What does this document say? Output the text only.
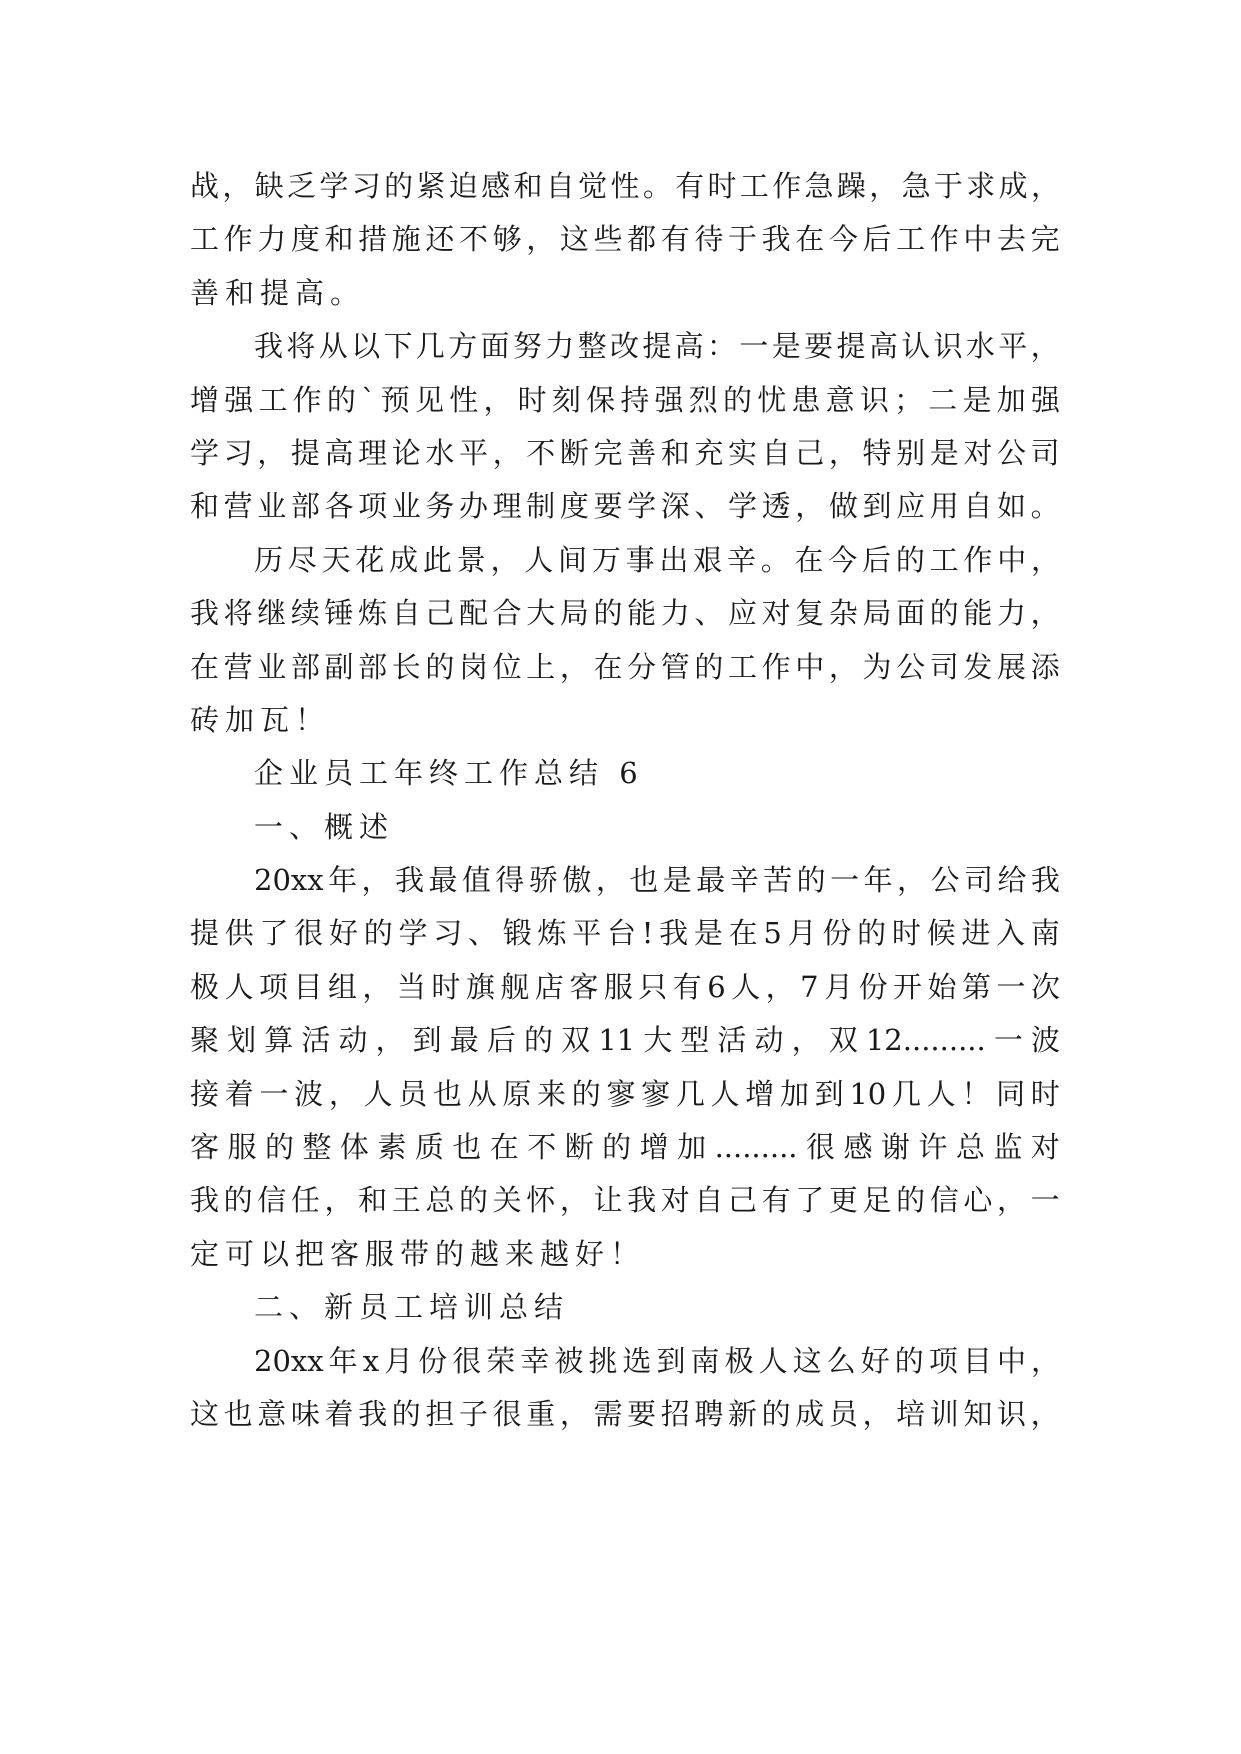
战 ， 缺 乏 学 习 的 紧 迫 感 和 自 觉 性 。 有 时 工 作 急 躁 ， 急 于 求 成 ，
工 作 力 度 和 措 施 还 不 够 ， 这 些 都 有 待 于 我 在 今 后 工 作 中 去 完
善和提高。
我 将 从 以 下 几 方 面 努 力 整 改 提 高 ： 一 是 要 提 高 认 识 水 平 ，
增 强 工 作 的 ` 预 见 性 ， 时 刻 保 持 强 烈 的 忧 患 意 识 ； 二 是 加 强
学 习 ， 提 高 理 论 水 平 ， 不 断 完 善 和 充 实 自 己 ， 特 别 是 对 公 司
和 营 业 部 各 项 业 务 办 理 制 度 要 学 深 、 学 透 ， 做 到 应 用 自 如 。
历 尽 天 花 成 此 景 ， 人 间 万 事 出 艰 辛 。 在 今 后 的 工 作 中 ，
我 将 继 续 锤 炼 自 己 配 合 大 局 的 能 力 、 应 对 复 杂 局 面 的 能 力 ，
在 营 业 部 副 部 长 的 岗 位 上 ， 在 分 管 的 工 作 中 ， 为 公 司 发 展 添
砖加瓦！
企业员工年终工作总结 6
一、概述
20xx 年 ， 我 最 值 得 骄 傲 ， 也 是 最 辛 苦 的 一 年 ， 公 司 给 我
提 供 了 很 好 的 学 习 、 锻 炼 平 台 ! 我 是 在 5 月 份 的 时 候 进 入 南
极 人 项 目 组 ， 当 时 旗 舰 店 客 服 只 有 6 人 ， 7 月 份 开 始 第 一 次
聚 划 算 活 动 ， 到 最 后 的 双 11 大 型 活 动 ， 双 12......... 一 波
接 着 一 波 ， 人 员 也 从 原 来 的 寥 寥 几 人 增 加 到 10 几 人 ！ 同 时
客 服 的 整 体 素 质 也 在 不 断 的 增 加 ......... 很 感 谢 许 总 监 对
我 的 信 任 ， 和 王 总 的 关 怀 ， 让 我 对 自 己 有 了 更 足 的 信 心 ， 一
定可以把客服带的越来越好！
二、新员工培训总结
20xx 年 x 月 份 很 荣 幸 被 挑 选 到 南 极 人 这 么 好 的 项 目 中 ，
这 也 意 味 着 我 的 担 子 很 重 ， 需 要 招 聘 新 的 成 员 ， 培 训 知 识 ，
